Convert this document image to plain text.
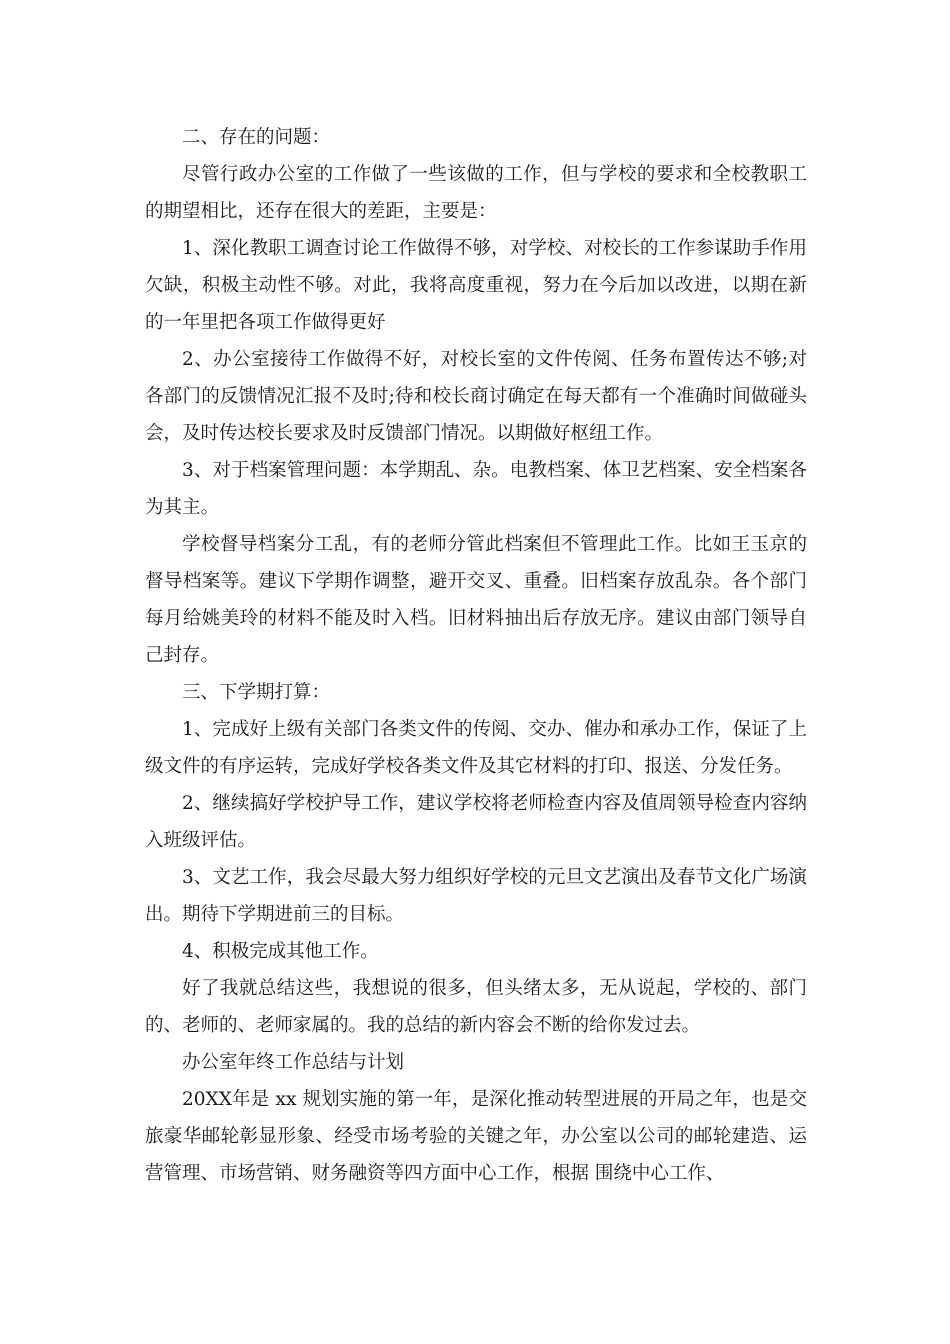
二、存在的问题：

尽管行政办公室的工作做了一些该做的工作，但与学校的要求和全校教职工的期望相比，还存在很大的差距，主要是：

1、深化教职工调查讨论工作做得不够，对学校、对校长的工作参谋助手作用欠缺，积极主动性不够。对此，我将高度重视，努力在今后加以改进，以期在新的一年里把各项工作做得更好

2、办公室接待工作做得不好，对校长室的文件传阅、任务布置传达不够;对各部门的反馈情况汇报不及时;待和校长商讨确定在每天都有一个准确时间做碰头会，及时传达校长要求及时反馈部门情况。以期做好枢纽工作。

3、对于档案管理问题：本学期乱、杂。电教档案、体卫艺档案、安全档案各为其主。

学校督导档案分工乱，有的老师分管此档案但不管理此工作。比如王玉京的督导档案等。建议下学期作调整，避开交叉、重叠。旧档案存放乱杂。各个部门每月给姚美玲的材料不能及时入档。旧材料抽出后存放无序。建议由部门领导自己封存。

三、下学期打算：

1、完成好上级有关部门各类文件的传阅、交办、催办和承办工作，保证了上级文件的有序运转，完成好学校各类文件及其它材料的打印、报送、分发任务。

2、继续搞好学校护导工作，建议学校将老师检查内容及值周领导检查内容纳入班级评估。

3、文艺工作，我会尽最大努力组织好学校的元旦文艺演出及春节文化广场演出。期待下学期进前三的目标。

4、积极完成其他工作。

好了我就总结这些，我想说的很多，但头绪太多，无从说起，学校的、部门的、老师的、老师家属的。我的总结的新内容会不断的给你发过去。

办公室年终工作总结与计划

20XX年是 xx 规划实施的第一年，是深化推动转型进展的开局之年，也是交旅豪华邮轮彰显形象、经受市场考验的关键之年，办公室以公司的邮轮建造、运营管理、市场营销、财务融资等四方面中心工作，根据 围绕中心工作、
